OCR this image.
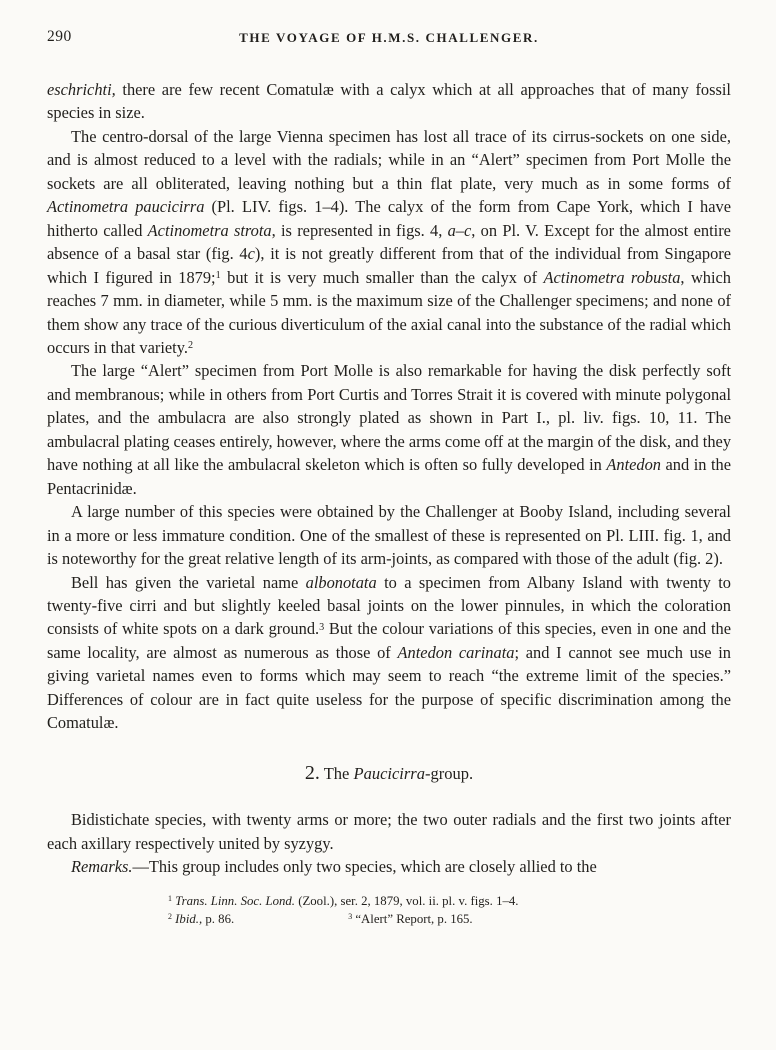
290	THE VOYAGE OF H.M.S. CHALLENGER.

eschrichti, there are few recent Comatulæ with a calyx which at all approaches that of many fossil species in size.

The centro-dorsal of the large Vienna specimen has lost all trace of its cirrus-sockets on one side, and is almost reduced to a level with the radials; while in an “Alert” specimen from Port Molle the sockets are all obliterated, leaving nothing but a thin flat plate, very much as in some forms of Actinometra paucicirra (Pl. LIV. figs. 1–4). The calyx of the form from Cape York, which I have hitherto called Actinometra strota, is represented in figs. 4, a–c, on Pl. V. Except for the almost entire absence of a basal star (fig. 4c), it is not greatly different from that of the individual from Singapore which I figured in 1879;$^1$ but it is very much smaller than the calyx of Actinometra robusta, which reaches 7 mm. in diameter, while 5 mm. is the maximum size of the Challenger specimens; and none of them show any trace of the curious diverticulum of the axial canal into the substance of the radial which occurs in that variety.$^2$

The large “Alert” specimen from Port Molle is also remarkable for having the disk perfectly soft and membranous; while in others from Port Curtis and Torres Strait it is covered with minute polygonal plates, and the ambulacra are also strongly plated as shown in Part I., pl. liv. figs. 10, 11. The ambulacral plating ceases entirely, however, where the arms come off at the margin of the disk, and they have nothing at all like the ambulacral skeleton which is often so fully developed in Antedon and in the Pentacrinidæ.

A large number of this species were obtained by the Challenger at Booby Island, including several in a more or less immature condition. One of the smallest of these is represented on Pl. LIII. fig. 1, and is noteworthy for the great relative length of its arm-joints, as compared with those of the adult (fig. 2).

Bell has given the varietal name albonotata to a specimen from Albany Island with twenty to twenty-five cirri and but slightly keeled basal joints on the lower pinnules, in which the coloration consists of white spots on a dark ground.$^3$ But the colour variations of this species, even in one and the same locality, are almost as numerous as those of Antedon carinata; and I cannot see much use in giving varietal names even to forms which may seem to reach “the extreme limit of the species.” Differences of colour are in fact quite useless for the purpose of specific discrimination among the Comatulæ.

2. The Paucicirra-group.

Bidistichate species, with twenty arms or more; the two outer radials and the first two joints after each axillary respectively united by syzygy.

Remarks.—This group includes only two species, which are closely allied to the

$^1$ Trans. Linn. Soc. Lond. (Zool.), ser. 2, 1879, vol. ii. pl. v. figs. 1–4.
$^2$ Ibid., p. 86.	$^3$ “Alert” Report, p. 165.
